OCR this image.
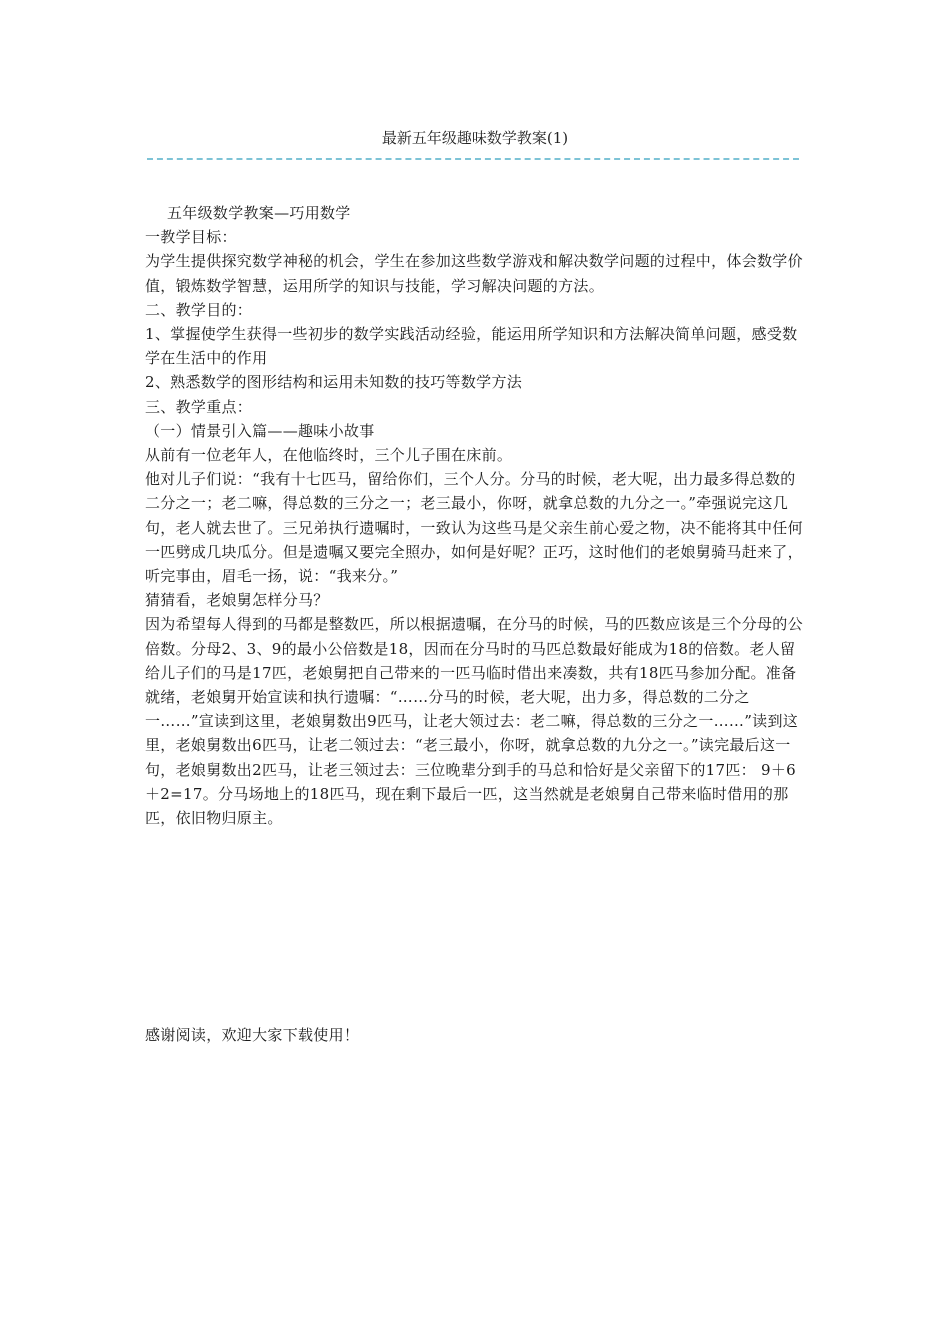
最新五年级趣味数学教案(1)

五年级数学教案—巧用数学

一教学目标：

为学生提供探究数学神秘的机会，学生在参加这些数学游戏和解决数学问题的过程中，体会数学价值，锻炼数学智慧，运用所学的知识与技能，学习解决问题的方法。

二、教学目的：

1、掌握使学生获得一些初步的数学实践活动经验，能运用所学知识和方法解决简单问题，感受数学在生活中的作用

2、熟悉数学的图形结构和运用未知数的技巧等数学方法

三、教学重点：

（一）情景引入篇——趣味小故事

从前有一位老年人，在他临终时，三个儿子围在床前。

他对儿子们说：“我有十七匹马，留给你们，三个人分。分马的时候，老大呢，出力最多得总数的二分之一；老二嘛，得总数的三分之一；老三最小，你呀，就拿总数的九分之一。”牵强说完这几句，老人就去世了。三兄弟执行遗嘱时，一致认为这些马是父亲生前心爱之物，决不能将其中任何一匹劈成几块瓜分。但是遗嘱又要完全照办，如何是好呢？正巧，这时他们的老娘舅骑马赶来了，听完事由，眉毛一扬，说：“我来分。”

猜猜看，老娘舅怎样分马？

因为希望每人得到的马都是整数匹，所以根据遗嘱，在分马的时候，马的匹数应该是三个分母的公倍数。分母2、3、9的最小公倍数是18，因而在分马时的马匹总数最好能成为18的倍数。老人留给儿子们的马是17匹，老娘舅把自己带来的一匹马临时借出来凑数，共有18匹马参加分配。准备就绪，老娘舅开始宣读和执行遗嘱：“……分马的时候，老大呢，出力多，得总数的二分之一……”宣读到这里，老娘舅数出9匹马，让老大领过去：老二嘛，得总数的三分之一……”读到这里，老娘舅数出6匹马，让老二领过去：“老三最小，你呀，就拿总数的九分之一。”读完最后这一句，老娘舅数出2匹马，让老三领过去：三位晚辈分到手的马总和恰好是父亲留下的17匹： 9＋6＋2=17。分马场地上的18匹马，现在剩下最后一匹，这当然就是老娘舅自己带来临时借用的那匹，依旧物归原主。

感谢阅读，欢迎大家下载使用！
